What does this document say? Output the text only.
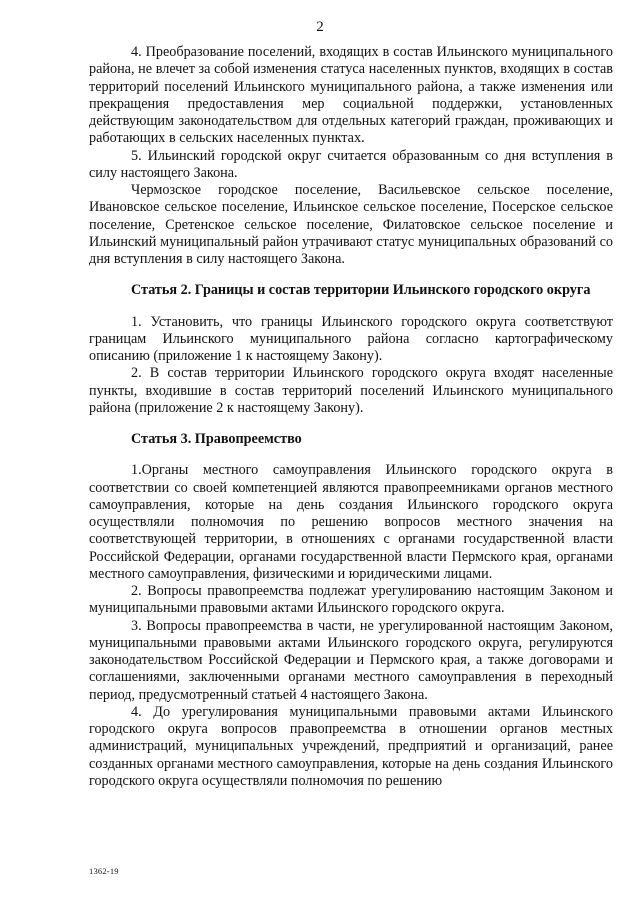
2

4. Преобразование поселений, входящих в состав Ильинского муниципального района, не влечет за собой изменения статуса населенных пунктов, входящих в состав территорий поселений Ильинского муниципального района, а также изменения или прекращения предоставления мер социальной поддержки, установленных действующим законодательством для отдельных категорий граждан, проживающих и работающих в сельских населенных пунктах.

5. Ильинский городской округ считается образованным со дня вступления в силу настоящего Закона.

Чермозское городское поселение, Васильевское сельское поселение, Ивановское сельское поселение, Ильинское сельское поселение, Посерское сельское поселение, Сретенское сельское поселение, Филатовское сельское поселение и Ильинский муниципальный район утрачивают статус муниципальных образований со дня вступления в силу настоящего Закона.

Статья 2. Границы и состав территории Ильинского городского округа

1. Установить, что границы Ильинского городского округа соответствуют границам Ильинского муниципального района согласно картографическому описанию (приложение 1 к настоящему Закону).

2. В состав территории Ильинского городского округа входят населенные пункты, входившие в состав территорий поселений Ильинского муниципального района (приложение 2 к настоящему Закону).

Статья 3. Правопреемство

1.Органы местного самоуправления Ильинского городского округа в соответствии со своей компетенцией являются правопреемниками органов местного самоуправления, которые на день создания Ильинского городского округа осуществляли полномочия по решению вопросов местного значения на соответствующей территории, в отношениях с органами государственной власти Российской Федерации, органами государственной власти Пермского края, органами местного самоуправления, физическими и юридическими лицами.

2. Вопросы правопреемства подлежат урегулированию настоящим Законом и муниципальными правовыми актами Ильинского городского округа.

3. Вопросы правопреемства в части, не урегулированной настоящим Законом, муниципальными правовыми актами Ильинского городского округа, регулируются законодательством Российской Федерации и Пермского края, а также договорами и соглашениями, заключенными органами местного самоуправления в переходный период, предусмотренный статьей 4 настоящего Закона.

4. До урегулирования муниципальными правовыми актами Ильинского городского округа вопросов правопреемства в отношении органов местных администраций, муниципальных учреждений, предприятий и организаций, ранее созданных органами местного самоуправления, которые на день создания Ильинского городского округа осуществляли полномочия по решению

1362-19
